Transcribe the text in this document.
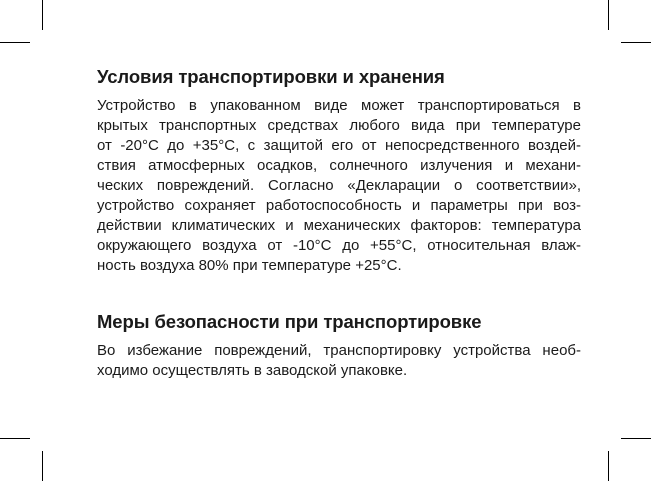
Условия транспортировки и хранения

Устройство в упакованном виде может транспортироваться в
крытых транспортных средствах любого вида при температуре
от -20°С до +35°С, с защитой его от непосредственного воздей-
ствия атмосферных осадков, солнечного излучения и механи-
ческих повреждений. Согласно «Декларации о соответствии»,
устройство сохраняет работоспособность и параметры при воз-
действии климатических и механических факторов: температура
окружающего воздуха от -10°С до +55°С, относительная влаж-
ность воздуха 80% при температуре +25°С.

Меры безопасности при транспортировке

Во избежание повреждений, транспортировку устройства необ-
ходимо осуществлять в заводской упаковке.
